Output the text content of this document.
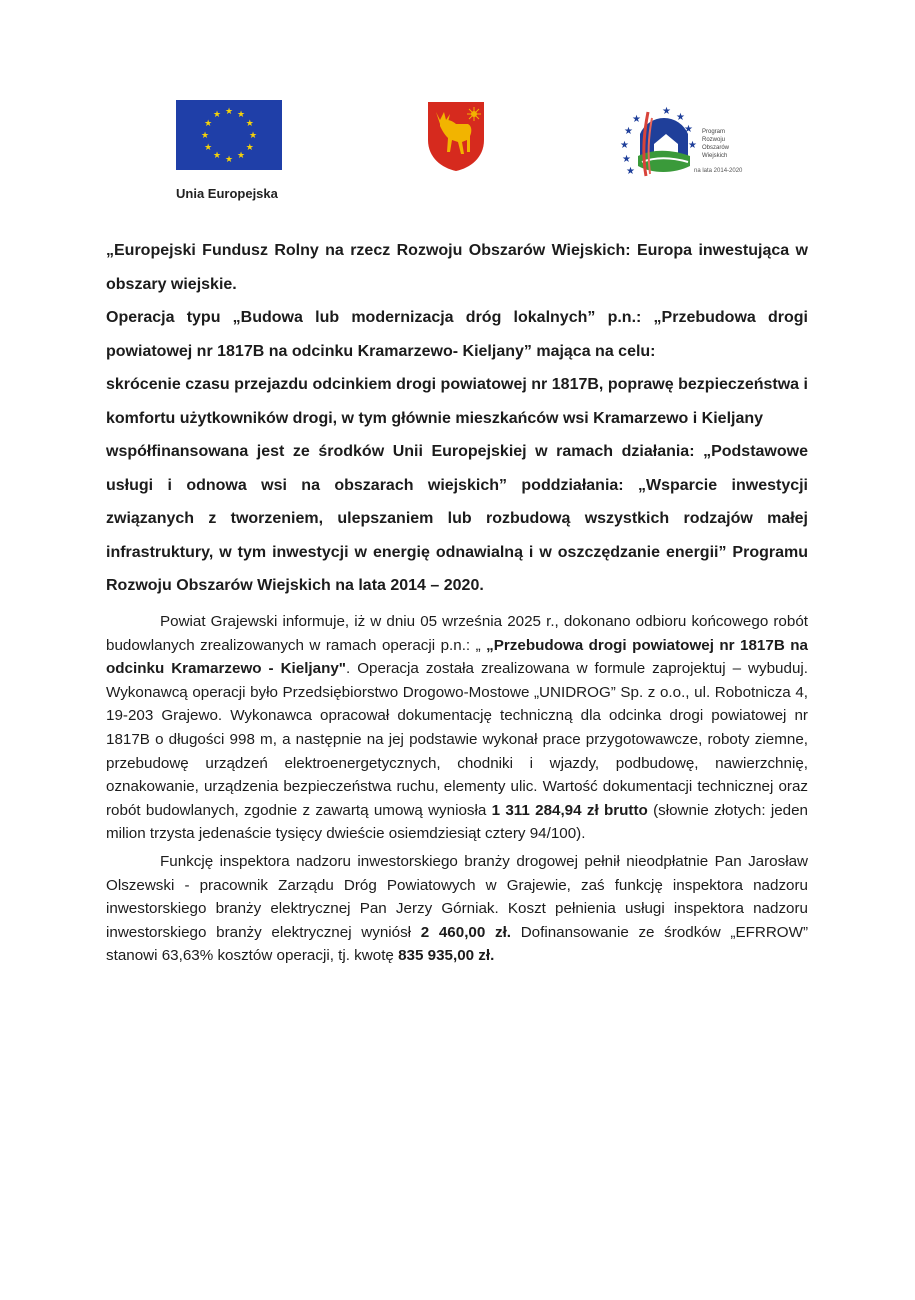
★ ★
★
★
★
★
★
★
★
★
★
★
Unia Europejska
★
★
★
★
★
★
★
★
★
Program
Rozwoju
Obszarów
Wiejskich
na lata 2014-2020

„Europejski Fundusz Rolny na rzecz Rozwoju Obszarów Wiejskich: Europa inwestująca w obszary wiejskie.

Operacja typu „Budowa lub modernizacja dróg lokalnych” p.n.: „Przebudowa drogi powiatowej nr 1817B na odcinku Kramarzewo- Kieljany” mająca na celu:

skrócenie czasu przejazdu odcinkiem drogi powiatowej nr 1817B, poprawę bezpieczeństwa i komfortu użytkowników drogi, w tym głównie mieszkańców wsi Kramarzewo i Kieljany

współfinansowana jest ze środków Unii Europejskiej w ramach działania: „Podstawowe usługi i odnowa wsi na obszarach wiejskich” poddziałania: „Wsparcie inwestycji związanych z tworzeniem, ulepszaniem lub rozbudową wszystkich rodzajów małej infrastruktury, w tym inwestycji w energię odnawialną i w oszczędzanie energii” Programu Rozwoju Obszarów Wiejskich na lata 2014 – 2020.

Powiat Grajewski informuje, iż w dniu 05 września 2025 r., dokonano odbioru końcowego robót budowlanych zrealizowanych w ramach operacji p.n.: „ „Przebudowa drogi powiatowej nr 1817B na odcinku Kramarzewo - Kieljany". Operacja została zrealizowana w formule zaprojektuj – wybuduj. Wykonawcą operacji było Przedsiębiorstwo Drogowo-Mostowe „UNIDROG” Sp. z o.o., ul. Robotnicza 4, 19-203 Grajewo. Wykonawca opracował dokumentację techniczną dla odcinka drogi powiatowej nr 1817B o długości 998 m, a następnie na jej podstawie wykonał prace przygotowawcze, roboty ziemne, przebudowę urządzeń elektroenergetycznych, chodniki i wjazdy, podbudowę, nawierzchnię, oznakowanie, urządzenia bezpieczeństwa ruchu, elementy ulic. Wartość dokumentacji technicznej oraz robót budowlanych, zgodnie z zawartą umową wyniosła 1 311 284,94 zł brutto (słownie złotych: jeden milion trzysta jedenaście tysięcy dwieście osiemdziesiąt cztery 94/100).

Funkcję inspektora nadzoru inwestorskiego branży drogowej pełnił nieodpłatnie Pan Jarosław Olszewski - pracownik Zarządu Dróg Powiatowych w Grajewie, zaś funkcję inspektora nadzoru inwestorskiego branży elektrycznej Pan Jerzy Górniak. Koszt pełnienia usługi inspektora nadzoru inwestorskiego branży elektrycznej wyniósł 2 460,00 zł. Dofinansowanie ze środków „EFRROW” stanowi 63,63% kosztów operacji, tj. kwotę 835 935,00 zł.
